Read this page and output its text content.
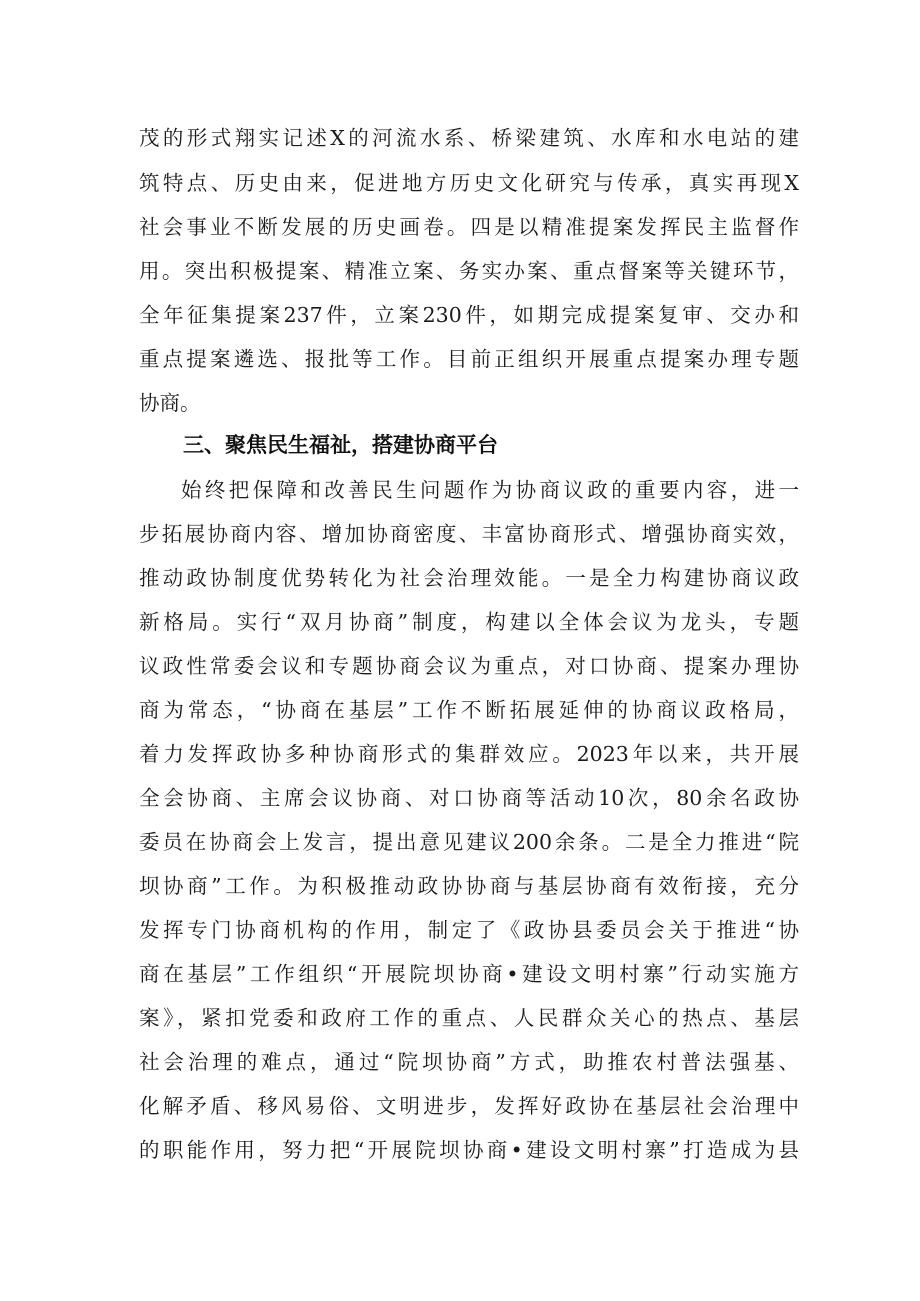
茂的形式翔实记述X的河流水系、桥梁建筑、水库和水电站的建
筑特点、历史由来，促进地方历史文化研究与传承，真实再现X
社会事业不断发展的历史画卷。四是以精准提案发挥民主监督作
用。突出积极提案、精准立案、务实办案、重点督案等关键环节，
全年征集提案237件，立案230件，如期完成提案复审、交办和
重点提案遴选、报批等工作。目前正组织开展重点提案办理专题
协商。
三、聚焦民生福祉，搭建协商平台
始终把保障和改善民生问题作为协商议政的重要内容，进一
步拓展协商内容、增加协商密度、丰富协商形式、增强协商实效，
推动政协制度优势转化为社会治理效能。一是全力构建协商议政
新格局。实行“双月协商”制度，构建以全体会议为龙头，专题
议政性常委会议和专题协商会议为重点，对口协商、提案办理协
商为常态，“协商在基层”工作不断拓展延伸的协商议政格局，
着力发挥政协多种协商形式的集群效应。2023年以来，共开展
全会协商、主席会议协商、对口协商等活动10次，80余名政协
委员在协商会上发言，提出意见建议200余条。二是全力推进“院
坝协商”工作。为积极推动政协协商与基层协商有效衔接，充分
发挥专门协商机构的作用，制定了《政协县委员会关于推进“协
商在基层”工作组织“开展院坝协商•建设文明村寨”行动实施方
案》，紧扣党委和政府工作的重点、人民群众关心的热点、基层
社会治理的难点，通过“院坝协商”方式，助推农村普法强基、
化解矛盾、移风易俗、文明进步，发挥好政协在基层社会治理中
的职能作用，努力把“开展院坝协商•建设文明村寨”打造成为县
